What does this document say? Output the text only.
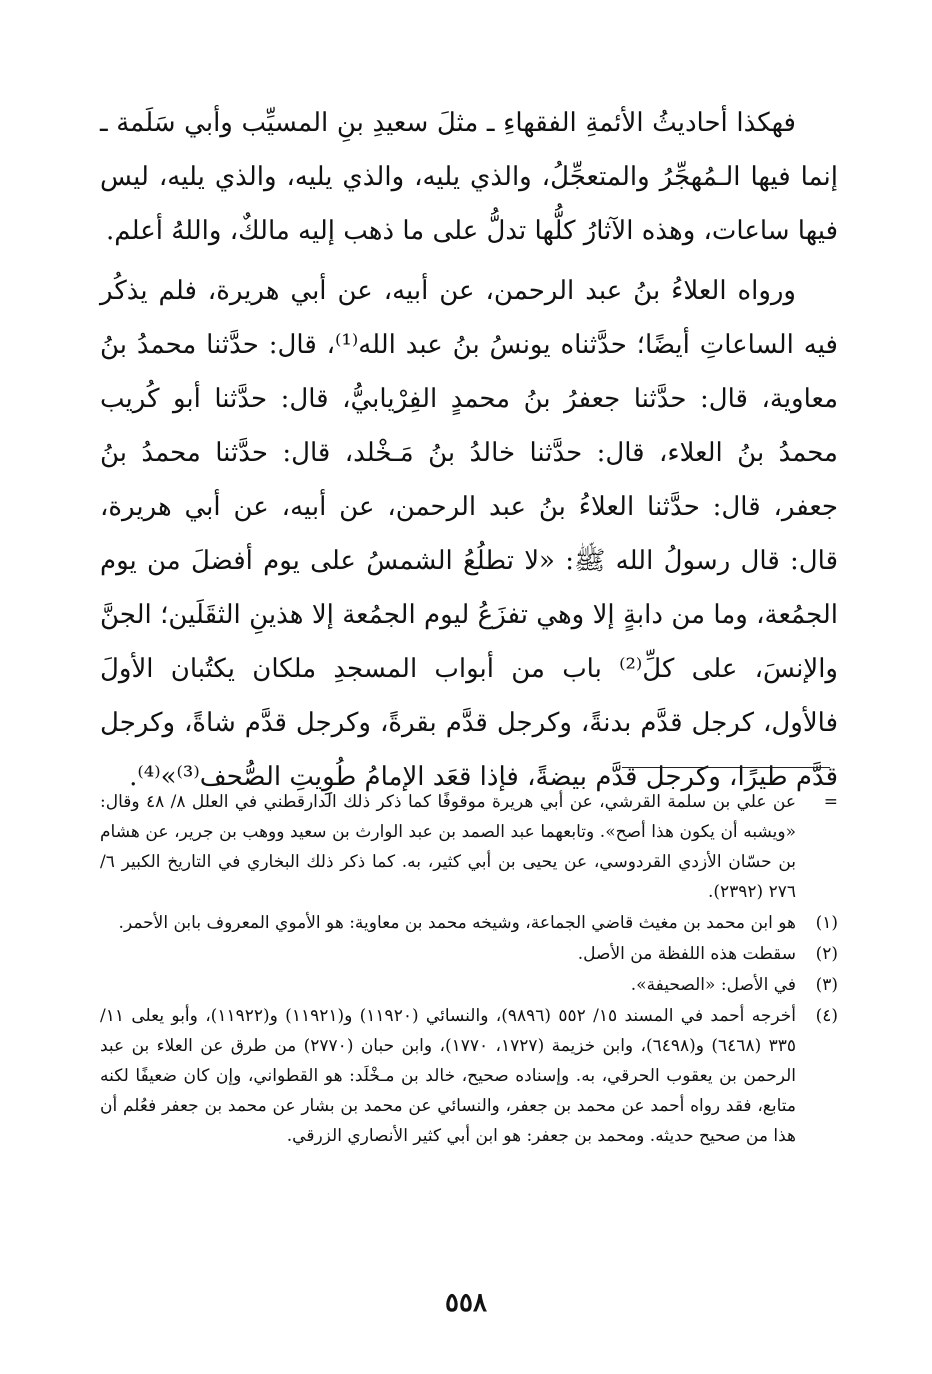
فهكذا أحاديثُ الأئمةِ الفقهاءِ ـ مثلَ سعيدِ بنِ المسيِّب وأبي سَلَمة ـ إنما فيها الـمُهجِّرُ والمتعجِّلُ، والذي يليه، والذي يليه، والذي يليه، ليس فيها ساعات، وهذه الآثارُ كلُّها تدلُّ على ما ذهب إليه مالكٌ، واللهُ أعلم.

ورواه العلاءُ بنُ عبد الرحمن، عن أبيه، عن أبي هريرة، فلم يذكُر فيه الساعاتِ أيضًا؛ حدَّثناه يونسُ بنُ عبد الله⁽¹⁾، قال: حدَّثنا محمدُ بنُ معاوية، قال: حدَّثنا جعفرُ بنُ محمدٍ الفِرْيابيُّ، قال: حدَّثنا أبو كُريب محمدُ بنُ العلاء، قال: حدَّثنا خالدُ بنُ مَـخْلد، قال: حدَّثنا محمدُ بنُ جعفر، قال: حدَّثنا العلاءُ بنُ عبد الرحمن، عن أبيه، عن أبي هريرة، قال: قال رسولُ الله ﷺ: «لا تطلُعُ الشمسُ على يوم أفضلَ من يوم الجمُعة، وما من دابةٍ إلا وهي تفزَعُ ليوم الجمُعة إلا هذينِ الثقَلَين؛ الجنَّ والإنسَ، على كلِّ⁽²⁾ باب من أبواب المسجدِ ملكان يكتُبان الأولَ فالأول، كرجل قدَّم بدنةً، وكرجل قدَّم بقرةً، وكرجل قدَّم شاةً، وكرجل قدَّم طيرًا، وكرجل قدَّم بيضةً، فإذا قعَد الإمامُ طُوِيتِ الصُّحف⁽³⁾»⁽⁴⁾.

=
عن علي بن سلمة القرشي، عن أبي هريرة موقوفًا كما ذكر ذلك الدارقطني في العلل ٨/ ٤٨ وقال: «ويشبه أن يكون هذا أصح». وتابعهما عبد الصمد بن عبد الوارث بن سعيد ووهب بن جرير، عن هشام بن حسّان الأزدي القردوسي، عن يحيى بن أبي كثير، به. كما ذكر ذلك البخاري في التاريخ الكبير ٦/ ٢٧٦ (٢٣٩٢).

(١)
هو ابن محمد بن مغيث قاضي الجماعة، وشيخه محمد بن معاوية: هو الأموي المعروف بابن الأحمر.

(٢)
سقطت هذه اللفظة من الأصل.

(٣)
في الأصل: «الصحيفة».

(٤)
أخرجه أحمد في المسند ١٥/ ٥٥٢ (٩٨٩٦)، والنسائي (١١٩٢٠) و(١١٩٢١) و(١١٩٢٢)، وأبو يعلى ١١/ ٣٣٥ (٦٤٦٨) و(٦٤٩٨)، وابن خزيمة (١٧٢٧، ١٧٧٠)، وابن حبان (٢٧٧٠) من طرق عن العلاء بن عبد الرحمن بن يعقوب الحرقي، به. وإسناده صحيح، خالد بن مـخْلَد: هو القطواني، وإن كان ضعيفًا لكنه متابع، فقد رواه أحمد عن محمد بن جعفر، والنسائي عن محمد بن بشار عن محمد بن جعفر فعُلم أن هذا من صحيح حديثه. ومحمد بن جعفر: هو ابن أبي كثير الأنصاري الزرقي.

٥٥٨
